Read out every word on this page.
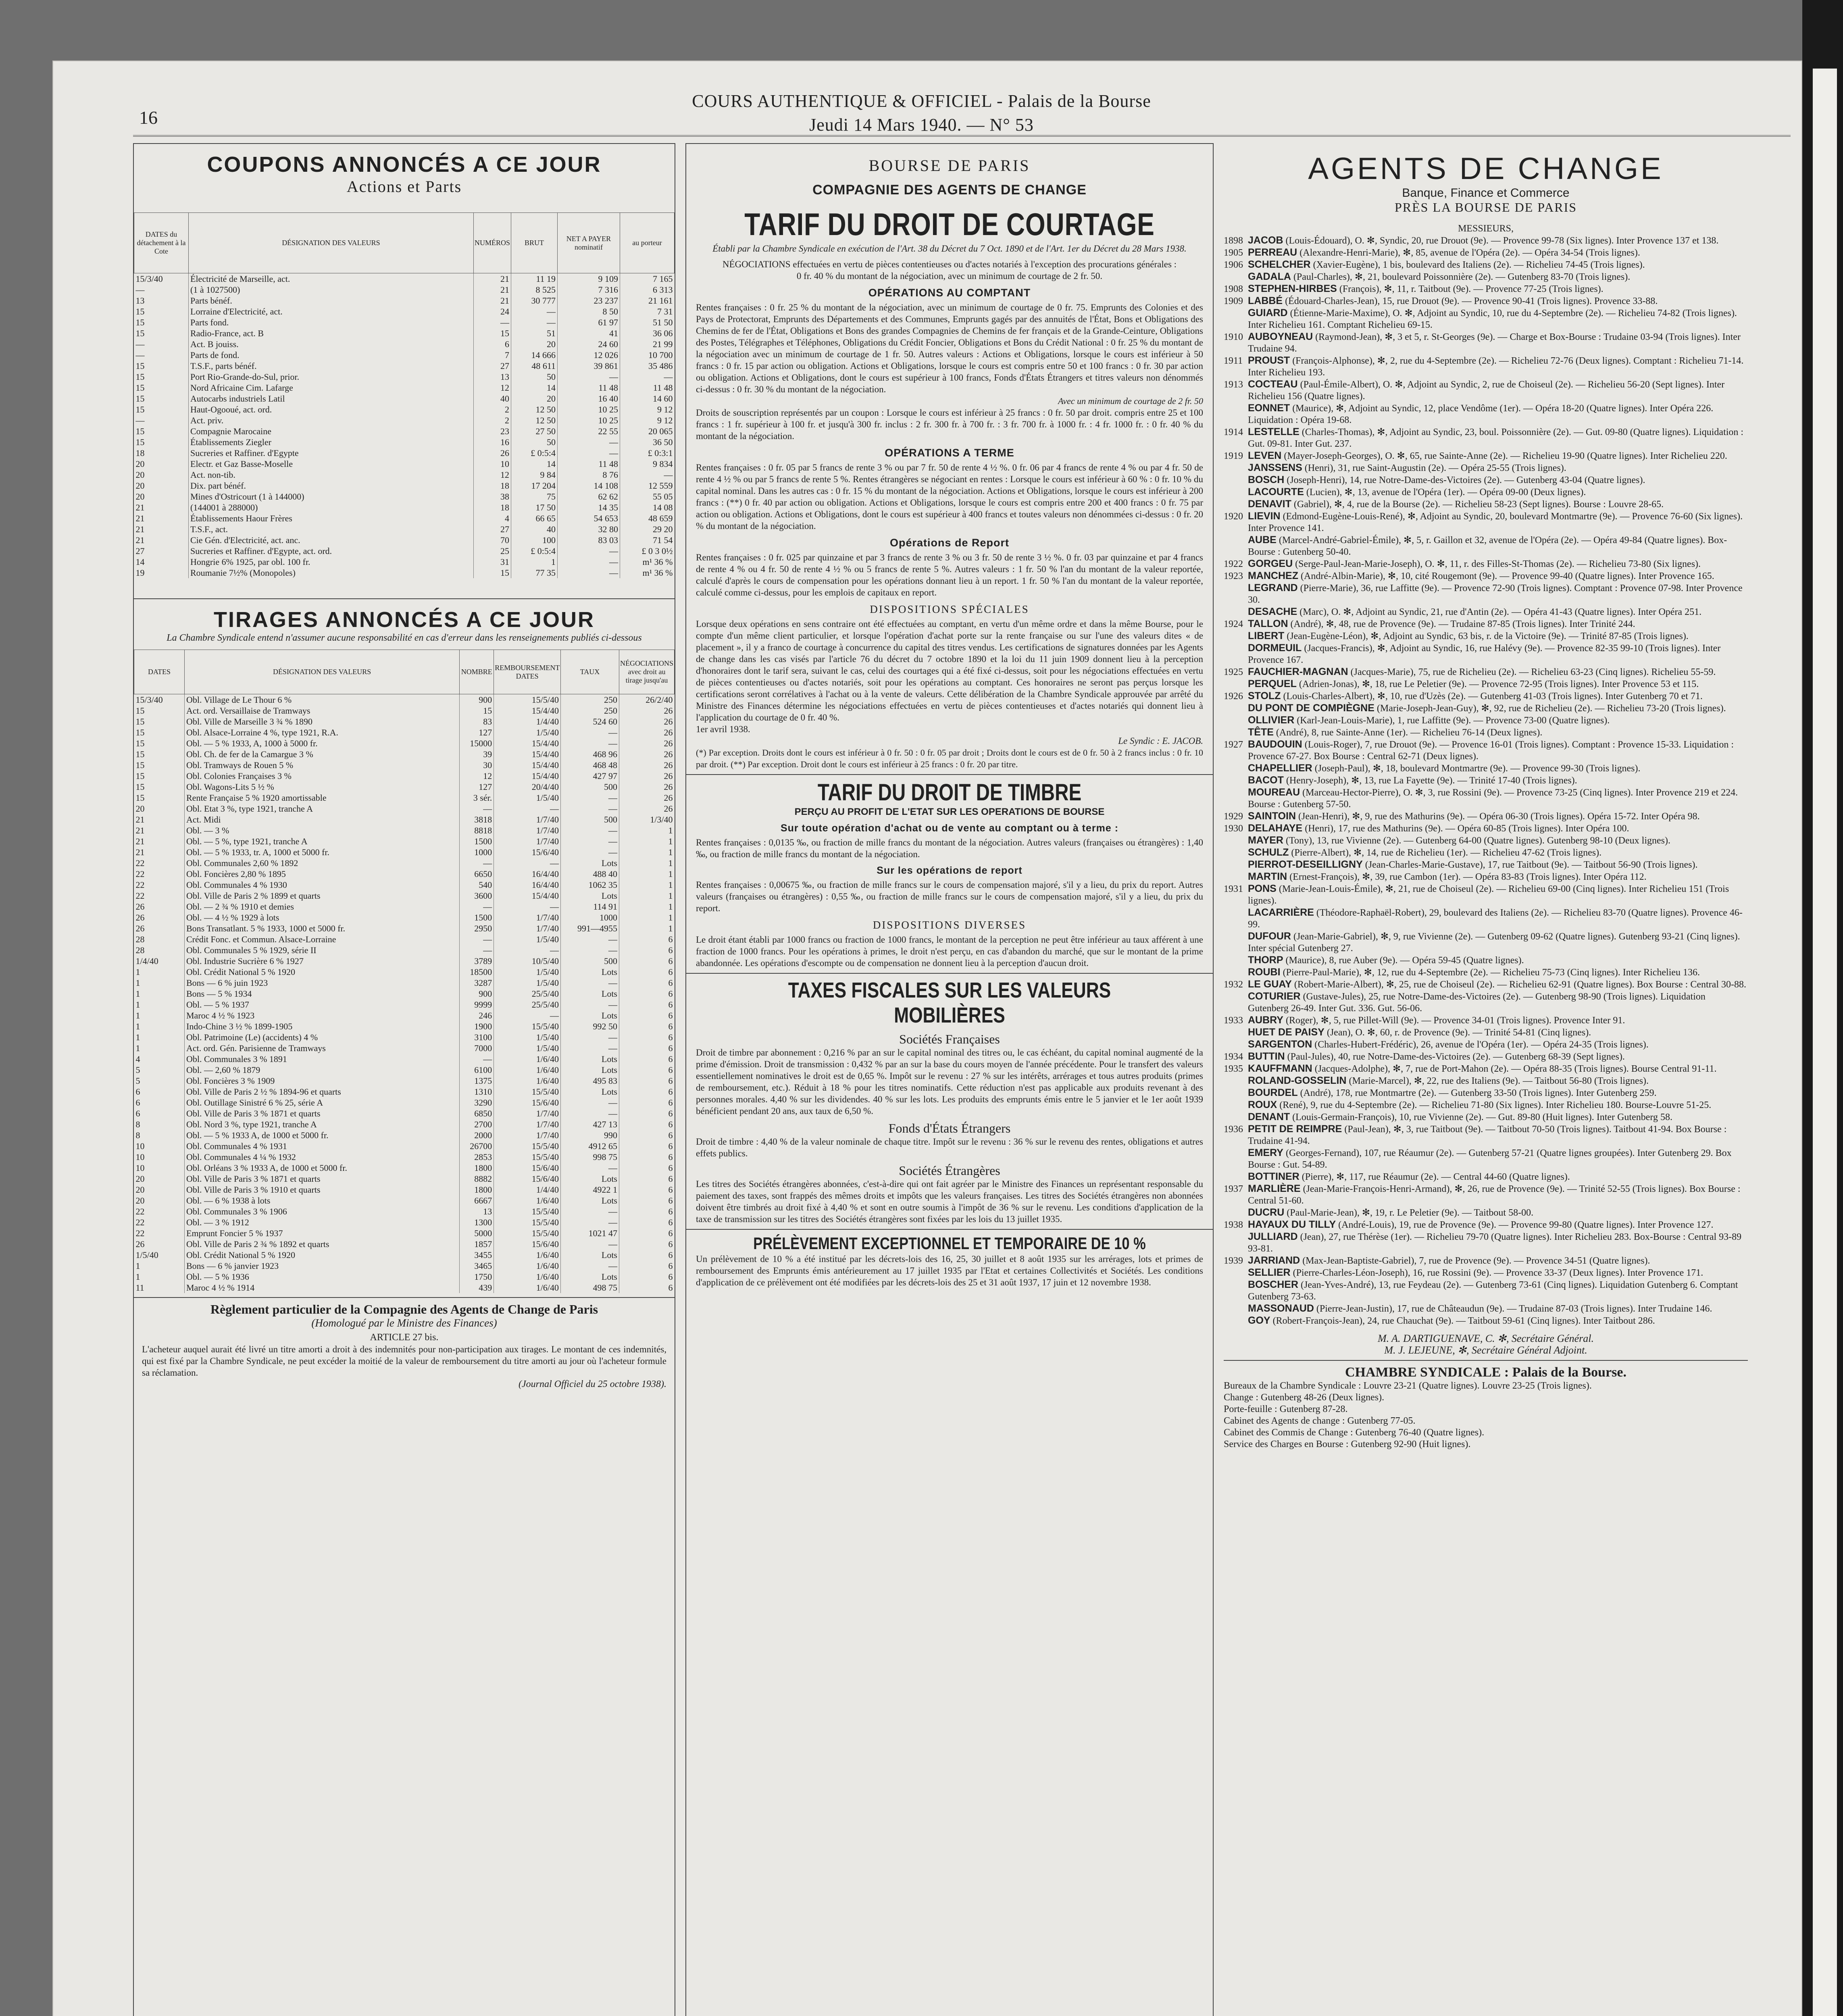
16
COURS AUTHENTIQUE & OFFICIEL - Palais de la Bourse
Jeudi 14 Mars 1940. — N° 53
COUPONS ANNONCÉS A CE JOUR
Actions et Parts
DATES du détachement à la Cote	DÉSIGNATION DES VALEURS	NUMÉROS	BRUT	NET A PAYER nominatif	au porteur
15/3/40	Électricité de Marseille, act.	21	11 19	9 109	7 165
—	(1 à 1027500)	21	8 525	7 316	6 313
13	Parts bénéf.	21	30 777	23 237	21 161
15	Lorraine d'Electricité, act.	24	—	8 50	7 31
15	Parts fond.	—	—	61 97	51 50
15	Radio-France, act. B	15	51	41	36 06
—	Act. B jouiss.	6	20	24 60	21 99
—	Parts de fond.	7	14 666	12 026	10 700
15	T.S.F., parts bénéf.	27	48 611	39 861	35 486
15	Port Rio-Grande-do-Sul, prior.	13	50	—	—
15	Nord Africaine Cim. Lafarge	12	14	11 48	11 48
15	Autocarbs industriels Latil	40	20	16 40	14 60
15	Haut-Ogooué, act. ord.	2	12 50	10 25	9 12
—	Act. priv.	2	12 50	10 25	9 12
15	Compagnie Marocaine	23	27 50	22 55	20 065
15	Établissements Ziegler	16	50	—	36 50
18	Sucreries et Raffiner. d'Egypte	26	£ 0:5:4	—	£ 0:3:1
20	Electr. et Gaz Basse-Moselle	10	14	11 48	9 834
20	Act. non-tib.	12	9 84	8 76	—
20	Dix. part bénéf.	18	17 204	14 108	12 559
20	Mines d'Ostricourt (1 à 144000)	38	75	62 62	55 05
21	(144001 à 288000)	18	17 50	14 35	14 08
21	Établissements Haour Frères	4	66 65	54 653	48 659
21	T.S.F., act.	27	40	32 80	29 20
21	Cie Gén. d'Electricité, act. anc.	70	100	83 03	71 54
27	Sucreries et Raffiner. d'Egypte, act. ord.	25	£ 0:5:4	—	£ 0 3 0½
14	Hongrie 6% 1925, par obl. 100 fr.	31	1	—	m¹ 36 %
19	Roumanie 7½% (Monopoles)	15	77 35	—	m¹ 36 %
TIRAGES ANNONCÉS A CE JOUR
La Chambre Syndicale entend n'assumer aucune responsabilité en cas d'erreur dans les renseignements publiés ci-dessous
DATES	DÉSIGNATION DES VALEURS	NOMBRE	REMBOURSEMENT DATES	TAUX	NÉGOCIATIONS avec droit au tirage jusqu'au
15/3/40	Obl. Village de Le Thour 6 %	900	15/5/40	250	26/2/40
15	Act. ord. Versaillaise de Tramways	15	15/4/40	250	26
15	Obl. Ville de Marseille 3 ¾ % 1890	83	1/4/40	524 60	26
15	Obl. Alsace-Lorraine 4 %, type 1921, R.A.	127	1/5/40	—	26
15	Obl. — 5 % 1933, A, 1000 à 5000 fr.	15000	15/4/40	—	26
15	Obl. Ch. de fer de la Camargue 3 %	39	15/4/40	468 96	26
15	Obl. Tramways de Rouen 5 %	30	15/4/40	468 48	26
15	Obl. Colonies Françaises 3 %	12	15/4/40	427 97	26
15	Obl. Wagons-Lits 5 ½ %	127	20/4/40	500	26
15	Rente Française 5 % 1920 amortissable	3 sér.	1/5/40	—	26
20	Obl. Etat 3 %, type 1921, tranche A	—	—	—	26
21	Act. Midi	3818	1/7/40	500	1/3/40
21	Obl. — 3 %	8818	1/7/40	—	1
21	Obl. — 5 %, type 1921, tranche A	1500	1/7/40	—	1
21	Obl. — 5 % 1933, tr. A, 1000 et 5000 fr.	1000	15/6/40	—	1
22	Obl. Communales 2,60 % 1892	—	—	Lots	1
22	Obl. Foncières 2,80 % 1895	6650	16/4/40	488 40	1
22	Obl. Communales 4 % 1930	540	16/4/40	1062 35	1
22	Obl. Ville de Paris 2 % 1899 et quarts	3600	15/4/40	Lots	1
26	Obl. — 2 ¾ % 1910 et demies	—	—	114 91	1
26	Obl. — 4 ½ % 1929 à lots	1500	1/7/40	1000	1
26	Bons Transatlant. 5 % 1933, 1000 et 5000 fr.	2950	1/7/40	991—4955	1
28	Crédit Fonc. et Commun. Alsace-Lorraine	—	1/5/40	—	6
28	Obl. Communales 5 % 1929, série II	—	—	—	6
1/4/40	Obl. Industrie Sucrière 6 % 1927	3789	10/5/40	500	6
1	Obl. Crédit National 5 % 1920	18500	1/5/40	Lots	6
1	Bons — 6 % juin 1923	3287	1/5/40	—	6
1	Bons — 5 % 1934	900	25/5/40	Lots	6
1	Obl. — 5 % 1937	9999	25/5/40	—	6
1	Maroc 4 ½ % 1923	246	—	Lots	6
1	Indo-Chine 3 ½ % 1899-1905	1900	15/5/40	992 50	6
1	Obl. Patrimoine (Le) (accidents) 4 %	3100	1/5/40	—	6
1	Act. ord. Gén. Parisienne de Tramways	7000	1/5/40	—	6
4	Obl. Communales 3 % 1891	—	1/6/40	Lots	6
5	Obl. — 2,60 % 1879	6100	1/6/40	Lots	6
5	Obl. Foncières 3 % 1909	1375	1/6/40	495 83	6
6	Obl. Ville de Paris 2 ½ % 1894-96 et quarts	1310	15/5/40	Lots	6
6	Obl. Outillage Sinistré 6 % 25, série A	3290	15/6/40	—	6
6	Obl. Ville de Paris 3 % 1871 et quarts	6850	1/7/40	—	6
8	Obl. Nord 3 %, type 1921, tranche A	2700	1/7/40	427 13	6
8	Obl. — 5 % 1933 A, de 1000 et 5000 fr.	2000	1/7/40	990	6
10	Obl. Communales 4 % 1931	26700	15/5/40	4912 65	6
10	Obl. Communales 4 ¼ % 1932	2853	15/5/40	998 75	6
10	Obl. Orléans 3 % 1933 A, de 1000 et 5000 fr.	1800	15/6/40	—	6
20	Obl. Ville de Paris 3 % 1871 et quarts	8882	15/6/40	Lots	6
20	Obl. Ville de Paris 3 % 1910 et quarts	1800	1/4/40	4922 1	6
20	Obl. — 6 % 1938 à lots	6667	1/6/40	Lots	6
22	Obl. Communales 3 % 1906	13	15/5/40	—	6
22	Obl. — 3 % 1912	1300	15/5/40	—	6
22	Emprunt Foncier 5 % 1937	5000	15/5/40	1021 47	6
26	Obl. Ville de Paris 2 ¾ % 1892 et quarts	1857	15/6/40	—	6
1/5/40	Obl. Crédit National 5 % 1920	3455	1/6/40	Lots	6
1	Bons — 6 % janvier 1923	3465	1/6/40	—	6
1	Obl. — 5 % 1936	1750	1/6/40	Lots	6
11	Maroc 4 ½ % 1914	439	1/6/40	498 75	6
Règlement particulier de la Compagnie des Agents de Change de Paris
(Homologué par le Ministre des Finances)
ARTICLE 27 bis.
L'acheteur auquel aurait été livré un titre amorti a droit à des indemnités pour non-participation aux tirages. Le montant de ces indemnités, qui est fixé par la Chambre Syndicale, ne peut excéder la moitié de la valeur de remboursement du titre amorti au jour où l'acheteur formule sa réclamation.
(Journal Officiel du 25 octobre 1938).
BOURSE DE PARIS
COMPAGNIE DES AGENTS DE CHANGE
TARIF DU DROIT DE COURTAGE
Établi par la Chambre Syndicale en exécution de l'Art. 38 du Décret du 7 Oct. 1890 et de l'Art. 1er du Décret du 28 Mars 1938.
NÉGOCIATIONS effectuées en vertu de pièces contentieuses ou d'actes notariés à l'exception des procurations générales :
0 fr. 40 % du montant de la négociation, avec un minimum de courtage de 2 fr. 50.
OPÉRATIONS AU COMPTANT
Rentes françaises : 0 fr. 25 % du montant de la négociation, avec un minimum de courtage de 0 fr. 75. Emprunts des Colonies et des Pays de Protectorat, Emprunts des Départements et des Communes, Emprunts gagés par des annuités de l'État, Bons et Obligations des Chemins de fer de l'État, Obligations et Bons des grandes Compagnies de Chemins de fer français et de la Grande-Ceinture, Obligations des Postes, Télégraphes et Téléphones, Obligations du Crédit Foncier, Obligations et Bons du Crédit National : 0 fr. 25 % du montant de la négociation avec un minimum de courtage de 1 fr. 50. Autres valeurs : Actions et Obligations, lorsque le cours est inférieur à 50 francs : 0 fr. 15 par action ou obligation. Actions et Obligations, lorsque le cours est compris entre 50 et 100 francs : 0 fr. 30 par action ou obligation. Actions et Obligations, dont le cours est supérieur à 100 francs, Fonds d'États Étrangers et titres valeurs non dénommés ci-dessus : 0 fr. 30 % du montant de la négociation.
Avec un minimum de courtage de 2 fr. 50
Droits de souscription représentés par un coupon : Lorsque le cours est inférieur à 25 francs : 0 fr. 50 par droit. compris entre 25 et 100 francs : 1 fr. supérieur à 100 fr. et jusqu'à 300 fr. inclus : 2 fr. 300 fr. à 700 fr. : 3 fr. 700 fr. à 1000 fr. : 4 fr. 1000 fr. : 0 fr. 40 % du montant de la négociation.
OPÉRATIONS A TERME
Rentes françaises : 0 fr. 05 par 5 francs de rente 3 % ou par 7 fr. 50 de rente 4 ½ %. 0 fr. 06 par 4 francs de rente 4 % ou par 4 fr. 50 de rente 4 ½ % ou par 5 francs de rente 5 %. Rentes étrangères se négociant en rentes : Lorsque le cours est inférieur à 60 % : 0 fr. 10 % du capital nominal. Dans les autres cas : 0 fr. 15 % du montant de la négociation. Actions et Obligations, lorsque le cours est inférieur à 200 francs : (**) 0 fr. 40 par action ou obligation. Actions et Obligations, lorsque le cours est compris entre 200 et 400 francs : 0 fr. 75 par action ou obligation. Actions et Obligations, dont le cours est supérieur à 400 francs et toutes valeurs non dénommées ci-dessus : 0 fr. 20 % du montant de la négociation.
Opérations de Report
Rentes françaises : 0 fr. 025 par quinzaine et par 3 francs de rente 3 % ou 3 fr. 50 de rente 3 ½ %. 0 fr. 03 par quinzaine et par 4 francs de rente 4 % ou 4 fr. 50 de rente 4 ½ % ou 5 francs de rente 5 %. Autres valeurs : 1 fr. 50 % l'an du montant de la valeur reportée, calculé d'après le cours de compensation pour les opérations donnant lieu à un report. 1 fr. 50 % l'an du montant de la valeur reportée, calculé comme ci-dessus, pour les emplois de capitaux en report.
DISPOSITIONS SPÉCIALES
Lorsque deux opérations en sens contraire ont été effectuées au comptant, en vertu d'un même ordre et dans la même Bourse, pour le compte d'un même client particulier, et lorsque l'opération d'achat porte sur la rente française ou sur l'une des valeurs dites « de placement », il y a franco de courtage à concurrence du capital des titres vendus. Les certifications de signatures données par les Agents de change dans les cas visés par l'article 76 du décret du 7 octobre 1890 et la loi du 11 juin 1909 donnent lieu à la perception d'honoraires dont le tarif sera, suivant le cas, celui des courtages qui a été fixé ci-dessus, soit pour les négociations effectuées en vertu de pièces contentieuses ou d'actes notariés, soit pour les opérations au comptant. Ces honoraires ne seront pas perçus lorsque les certifications seront corrélatives à l'achat ou à la vente de valeurs. Cette délibération de la Chambre Syndicale approuvée par arrêté du Ministre des Finances détermine les négociations effectuées en vertu de pièces contentieuses et d'actes notariés qui donnent lieu à l'application du courtage de 0 fr. 40 %.
1er avril 1938.
Le Syndic : E. JACOB.
(*) Par exception. Droits dont le cours est inférieur à 0 fr. 50 : 0 fr. 05 par droit ; Droits dont le cours est de 0 fr. 50 à 2 francs inclus : 0 fr. 10 par droit. (**) Par exception. Droit dont le cours est inférieur à 25 francs : 0 fr. 20 par titre.
TARIF DU DROIT DE TIMBRE
PERÇU AU PROFIT DE L'ETAT SUR LES OPERATIONS DE BOURSE
Sur toute opération d'achat ou de vente au comptant ou à terme :
Rentes françaises : 0,0135 ‰, ou fraction de mille francs du montant de la négociation. Autres valeurs (françaises ou étrangères) : 1,40 ‰, ou fraction de mille francs du montant de la négociation.
Sur les opérations de report
Rentes françaises : 0,00675 ‰, ou fraction de mille francs sur le cours de compensation majoré, s'il y a lieu, du prix du report. Autres valeurs (françaises ou étrangères) : 0,55 ‰, ou fraction de mille francs sur le cours de compensation majoré, s'il y a lieu, du prix du report.
DISPOSITIONS DIVERSES
Le droit étant établi par 1000 francs ou fraction de 1000 francs, le montant de la perception ne peut être inférieur au taux afférent à une fraction de 1000 francs. Pour les opérations à primes, le droit n'est perçu, en cas d'abandon du marché, que sur le montant de la prime abandonnée. Les opérations d'escompte ou de compensation ne donnent lieu à la perception d'aucun droit.
TAXES FISCALES SUR LES VALEURS MOBILIÈRES
Sociétés Françaises
Droit de timbre par abonnement : 0,216 % par an sur le capital nominal des titres ou, le cas échéant, du capital nominal augmenté de la prime d'émission. Droit de transmission : 0,432 % par an sur la base du cours moyen de l'année précédente. Pour le transfert des valeurs essentiellement nominatives le droit est de 0,65 %. Impôt sur le revenu : 27 % sur les intérêts, arrérages et tous autres produits (primes de remboursement, etc.). Réduit à 18 % pour les titres nominatifs. Cette réduction n'est pas applicable aux produits revenant à des personnes morales. 4,40 % sur les dividendes. 40 % sur les lots. Les produits des emprunts émis entre le 5 janvier et le 1er août 1939 bénéficient pendant 20 ans, aux taux de 6,50 %.
Fonds d'États Étrangers
Droit de timbre : 4,40 % de la valeur nominale de chaque titre. Impôt sur le revenu : 36 % sur le revenu des rentes, obligations et autres effets publics.
Sociétés Étrangères
Les titres des Sociétés étrangères abonnées, c'est-à-dire qui ont fait agréer par le Ministre des Finances un représentant responsable du paiement des taxes, sont frappés des mêmes droits et impôts que les valeurs françaises. Les titres des Sociétés étrangères non abonnées doivent être timbrés au droit fixé à 4,40 % et sont en outre soumis à l'impôt de 36 % sur le revenu. Les conditions d'application de la taxe de transmission sur les titres des Sociétés étrangères sont fixées par les lois du 13 juillet 1935.
PRÉLÈVEMENT EXCEPTIONNEL ET TEMPORAIRE DE 10 %
Un prélèvement de 10 % a été institué par les décrets-lois des 16, 25, 30 juillet et 8 août 1935 sur les arrérages, lots et primes de remboursement des Emprunts émis antérieurement au 17 juillet 1935 par l'Etat et certaines Collectivités et Sociétés. Les conditions d'application de ce prélèvement ont été modifiées par les décrets-lois des 25 et 31 août 1937, 17 juin et 12 novembre 1938.
AGENTS DE CHANGE
Banque, Finance et Commerce
PRÈS LA BOURSE DE PARIS
MESSIEURS,
1898 JACOB (Louis-Édouard), O. ✻, Syndic, 20, rue Drouot (9e). — Provence 99-78 (Six lignes). Inter Provence 137 et 138.
1905 PERREAU (Alexandre-Henri-Marie), ✻, 85, avenue de l'Opéra (2e). — Opéra 34-54 (Trois lignes).
1906 SCHELCHER (Xavier-Eugène), 1 bis, boulevard des Italiens (2e). — Richelieu 74-45 (Trois lignes).
GADALA (Paul-Charles), ✻, 21, boulevard Poissonnière (2e). — Gutenberg 83-70 (Trois lignes).
1908 STEPHEN-HIRBES (François), ✻, 11, r. Taitbout (9e). — Provence 77-25 (Trois lignes).
1909 LABBÉ (Édouard-Charles-Jean), 15, rue Drouot (9e). — Provence 90-41 (Trois lignes). Provence 33-88.
GUIARD (Étienne-Marie-Maxime), O. ✻, Adjoint au Syndic, 10, rue du 4-Septembre (2e). — Richelieu 74-82 (Trois lignes). Inter Richelieu 161. Comptant Richelieu 69-15.
1910 AUBOYNEAU (Raymond-Jean), ✻, 3 et 5, r. St-Georges (9e). — Charge et Box-Bourse : Trudaine 03-94 (Trois lignes). Inter Trudaine 94.
1911 PROUST (François-Alphonse), ✻, 2, rue du 4-Septembre (2e). — Richelieu 72-76 (Deux lignes). Comptant : Richelieu 71-14. Inter Richelieu 193.
1913 COCTEAU (Paul-Émile-Albert), O. ✻, Adjoint au Syndic, 2, rue de Choiseul (2e). — Richelieu 56-20 (Sept lignes). Inter Richelieu 156 (Quatre lignes).
EONNET (Maurice), ✻, Adjoint au Syndic, 12, place Vendôme (1er). — Opéra 18-20 (Quatre lignes). Inter Opéra 226. Liquidation : Opéra 19-68.
1914 LESTELLE (Charles-Thomas), ✻, Adjoint au Syndic, 23, boul. Poissonnière (2e). — Gut. 09-80 (Quatre lignes). Liquidation : Gut. 09-81. Inter Gut. 237.
1919 LEVEN (Mayer-Joseph-Georges), O. ✻, 65, rue Sainte-Anne (2e). — Richelieu 19-90 (Quatre lignes). Inter Richelieu 220.
JANSSENS (Henri), 31, rue Saint-Augustin (2e). — Opéra 25-55 (Trois lignes).
BOSCH (Joseph-Henri), 14, rue Notre-Dame-des-Victoires (2e). — Gutenberg 43-04 (Quatre lignes).
LACOURTE (Lucien), ✻, 13, avenue de l'Opéra (1er). — Opéra 09-00 (Deux lignes).
DENAVIT (Gabriel), ✻, 4, rue de la Bourse (2e). — Richelieu 58-23 (Sept lignes). Bourse : Louvre 28-65.
1920 LIEVIN (Edmond-Eugène-Louis-René), ✻, Adjoint au Syndic, 20, boulevard Montmartre (9e). — Provence 76-60 (Six lignes). Inter Provence 141.
AUBE (Marcel-André-Gabriel-Émile), ✻, 5, r. Gaillon et 32, avenue de l'Opéra (2e). — Opéra 49-84 (Quatre lignes). Box-Bourse : Gutenberg 50-40.
1922 GORGEU (Serge-Paul-Jean-Marie-Joseph), O. ✻, 11, r. des Filles-St-Thomas (2e). — Richelieu 73-80 (Six lignes).
1923 MANCHEZ (André-Albin-Marie), ✻, 10, cité Rougemont (9e). — Provence 99-40 (Quatre lignes). Inter Provence 165.
LEGRAND (Pierre-Marie), 36, rue Laffitte (9e). — Provence 72-90 (Trois lignes). Comptant : Provence 07-98. Inter Provence 30.
DESACHE (Marc), O. ✻, Adjoint au Syndic, 21, rue d'Antin (2e). — Opéra 41-43 (Quatre lignes). Inter Opéra 251.
1924 TALLON (André), ✻, 48, rue de Provence (9e). — Trudaine 87-85 (Trois lignes). Inter Trinité 244.
LIBERT (Jean-Eugène-Léon), ✻, Adjoint au Syndic, 63 bis, r. de la Victoire (9e). — Trinité 87-85 (Trois lignes).
DORMEUIL (Jacques-Francis), ✻, Adjoint au Syndic, 16, rue Halévy (9e). — Provence 82-35 99-10 (Trois lignes). Inter Provence 167.
1925 FAUCHIER-MAGNAN (Jacques-Marie), 75, rue de Richelieu (2e). — Richelieu 63-23 (Cinq lignes). Richelieu 55-59.
PERQUEL (Adrien-Jonas), ✻, 18, rue Le Peletier (9e). — Provence 72-95 (Trois lignes). Inter Provence 53 et 115.
1926 STOLZ (Louis-Charles-Albert), ✻, 10, rue d'Uzès (2e). — Gutenberg 41-03 (Trois lignes). Inter Gutenberg 70 et 71.
DU PONT DE COMPIÈGNE (Marie-Joseph-Jean-Guy), ✻, 92, rue de Richelieu (2e). — Richelieu 73-20 (Trois lignes).
OLLIVIER (Karl-Jean-Louis-Marie), 1, rue Laffitte (9e). — Provence 73-00 (Quatre lignes).
TÊTE (André), 8, rue Sainte-Anne (1er). — Richelieu 76-14 (Deux lignes).
1927 BAUDOUIN (Louis-Roger), 7, rue Drouot (9e). — Provence 16-01 (Trois lignes). Comptant : Provence 15-33. Liquidation : Provence 67-27. Box Bourse : Central 62-71 (Deux lignes).
CHAPELLIER (Joseph-Paul), ✻, 18, boulevard Montmartre (9e). — Provence 99-30 (Trois lignes).
BACOT (Henry-Joseph), ✻, 13, rue La Fayette (9e). — Trinité 17-40 (Trois lignes).
MOUREAU (Marceau-Hector-Pierre), O. ✻, 3, rue Rossini (9e). — Provence 73-25 (Cinq lignes). Inter Provence 219 et 224. Bourse : Gutenberg 57-50.
1929 SAINTOIN (Jean-Henri), ✻, 9, rue des Mathurins (9e). — Opéra 06-30 (Trois lignes). Opéra 15-72. Inter Opéra 98.
1930 DELAHAYE (Henri), 17, rue des Mathurins (9e). — Opéra 60-85 (Trois lignes). Inter Opéra 100.
MAYER (Tony), 13, rue Vivienne (2e). — Gutenberg 64-00 (Quatre lignes). Gutenberg 98-10 (Deux lignes).
SCHULZ (Pierre-Albert), ✻, 14, rue de Richelieu (1er). — Richelieu 47-62 (Trois lignes).
PIERROT-DESEILLIGNY (Jean-Charles-Marie-Gustave), 17, rue Taitbout (9e). — Taitbout 56-90 (Trois lignes).
MARTIN (Ernest-François), ✻, 39, rue Cambon (1er). — Opéra 83-83 (Trois lignes). Inter Opéra 112.
1931 PONS (Marie-Jean-Louis-Émile), ✻, 21, rue de Choiseul (2e). — Richelieu 69-00 (Cinq lignes). Inter Richelieu 151 (Trois lignes).
LACARRIÈRE (Théodore-Raphaël-Robert), 29, boulevard des Italiens (2e). — Richelieu 83-70 (Quatre lignes). Provence 46-99.
DUFOUR (Jean-Marie-Gabriel), ✻, 9, rue Vivienne (2e). — Gutenberg 09-62 (Quatre lignes). Gutenberg 93-21 (Cinq lignes). Inter spécial Gutenberg 27.
THORP (Maurice), 8, rue Auber (9e). — Opéra 59-45 (Quatre lignes).
ROUBI (Pierre-Paul-Marie), ✻, 12, rue du 4-Septembre (2e). — Richelieu 75-73 (Cinq lignes). Inter Richelieu 136.
1932 LE GUAY (Robert-Marie-Albert), ✻, 25, rue de Choiseul (2e). — Richelieu 62-91 (Quatre lignes). Box Bourse : Central 30-88.
COTURIER (Gustave-Jules), 25, rue Notre-Dame-des-Victoires (2e). — Gutenberg 98-90 (Trois lignes). Liquidation Gutenberg 26-49. Inter Gut. 336. Gut. 56-06.
1933 AUBRY (Roger), ✻, 5, rue Pillet-Will (9e). — Provence 34-01 (Trois lignes). Provence Inter 91.
HUET DE PAISY (Jean), O. ✻, 60, r. de Provence (9e). — Trinité 54-81 (Cinq lignes).
SARGENTON (Charles-Hubert-Frédéric), 26, avenue de l'Opéra (1er). — Opéra 24-35 (Trois lignes).
1934 BUTTIN (Paul-Jules), 40, rue Notre-Dame-des-Victoires (2e). — Gutenberg 68-39 (Sept lignes).
1935 KAUFFMANN (Jacques-Adolphe), ✻, 7, rue de Port-Mahon (2e). — Opéra 88-35 (Trois lignes). Bourse Central 91-11.
ROLAND-GOSSELIN (Marie-Marcel), ✻, 22, rue des Italiens (9e). — Taitbout 56-80 (Trois lignes).
BOURDEL (André), 178, rue Montmartre (2e). — Gutenberg 33-50 (Trois lignes). Inter Gutenberg 259.
ROUX (René), 9, rue du 4-Septembre (2e). — Richelieu 71-80 (Six lignes). Inter Richelieu 180. Bourse-Louvre 51-25.
DENANT (Louis-Germain-François), 10, rue Vivienne (2e). — Gut. 89-80 (Huit lignes). Inter Gutenberg 58.
1936 PETIT DE REIMPRE (Paul-Jean), ✻, 3, rue Taitbout (9e). — Taitbout 70-50 (Trois lignes). Taitbout 41-94. Box Bourse : Trudaine 41-94.
EMERY (Georges-Fernand), 107, rue Réaumur (2e). — Gutenberg 57-21 (Quatre lignes groupées). Inter Gutenberg 29. Box Bourse : Gut. 54-89.
BOTTINER (Pierre), ✻, 117, rue Réaumur (2e). — Central 44-60 (Quatre lignes).
1937 MARLIÈRE (Jean-Marie-François-Henri-Armand), ✻, 26, rue de Provence (9e). — Trinité 52-55 (Trois lignes). Box Bourse : Central 51-60.
DUCRU (Paul-Marie-Jean), ✻, 19, r. Le Peletier (9e). — Taitbout 58-00.
1938 HAYAUX DU TILLY (André-Louis), 19, rue de Provence (9e). — Provence 99-80 (Quatre lignes). Inter Provence 127.
JULLIARD (Jean), 27, rue Thérèse (1er). — Richelieu 79-70 (Quatre lignes). Inter Richelieu 283. Box-Bourse : Central 93-89 93-81.
1939 JARRIAND (Max-Jean-Baptiste-Gabriel), 7, rue de Provence (9e). — Provence 34-51 (Quatre lignes).
SELLIER (Pierre-Charles-Léon-Joseph), 16, rue Rossini (9e). — Provence 33-37 (Deux lignes). Inter Provence 171.
BOSCHER (Jean-Yves-André), 13, rue Feydeau (2e). — Gutenberg 73-61 (Cinq lignes). Liquidation Gutenberg 6. Comptant Gutenberg 73-63.
MASSONAUD (Pierre-Jean-Justin), 17, rue de Châteaudun (9e). — Trudaine 87-03 (Trois lignes). Inter Trudaine 146.
GOY (Robert-François-Jean), 24, rue Chauchat (9e). — Taitbout 59-61 (Cinq lignes). Inter Taitbout 286.
M. A. DARTIGUENAVE, C. ✻, Secrétaire Général.
M. J. LEJEUNE, ✻, Secrétaire Général Adjoint.
CHAMBRE SYNDICALE : Palais de la Bourse.
Bureaux de la Chambre Syndicale : Louvre 23-21 (Quatre lignes). Louvre 23-25 (Trois lignes).
Change : Gutenberg 48-26 (Deux lignes).
Porte-feuille : Gutenberg 87-28.
Cabinet des Agents de change : Gutenberg 77-05.
Cabinet des Commis de Change : Gutenberg 76-40 (Quatre lignes).
Service des Charges en Bourse : Gutenberg 92-90 (Huit lignes).
